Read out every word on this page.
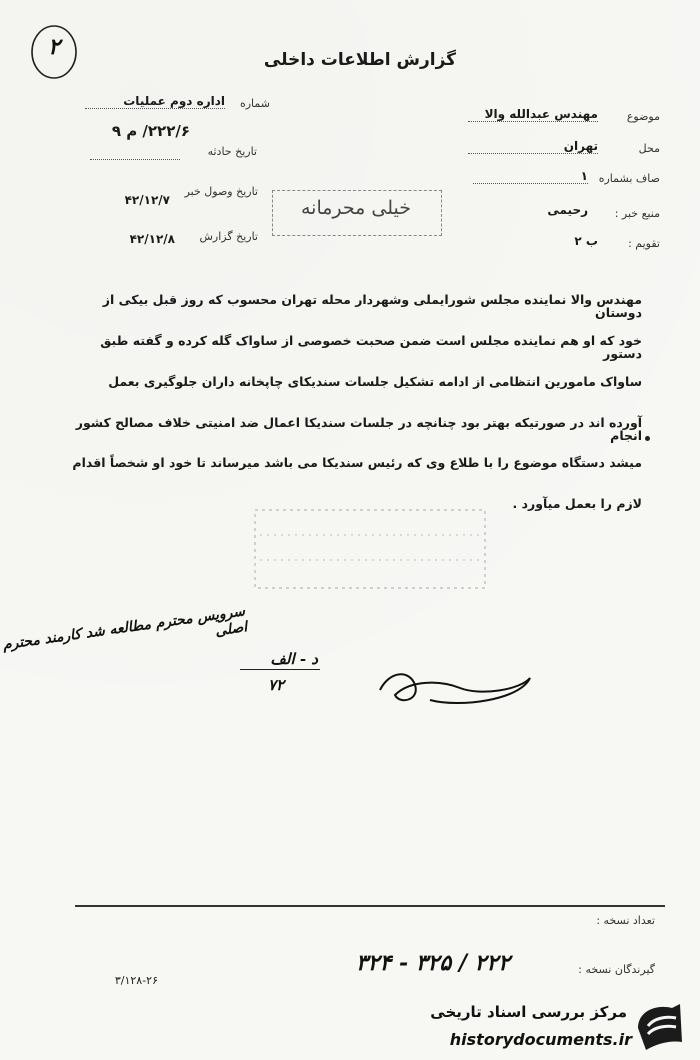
۲	گزارش اطلاعات داخلی
موضوع
مهندس عبدالله والا
محل
تهران
صاف بشماره
۱
منبع خبر :
رحیمی
تقویم :
ب ۲
شماره
اداره دوم عملیات
۲۲۲/۶/ م ۹
تاریخ حادثه
تاریخ وصول خبر
۴۲/۱۲/۷
تاریخ گزارش
۴۲/۱۲/۸
خیلی محرمانه
مهندس والا نماینده مجلس شورایملی وشهردار محله تهران محسوب که روز قبل بیکی از دوستان
خود که او هم نماینده مجلس است ضمن صحبت خصوصی از ساواک گله کرده و گفته طبق دستور
ساواک مامورین انتظامی از ادامه تشکیل جلسات سندیکای چاپخانه داران جلوگیری بعمل
آورده اند در صورتیکه بهتر بود چنانچه در جلسات سندیکا اعمال ضد امنیتی خلاف مصالح کشور انجام
میشد دستگاه موضوع را با طلاع وی که رئیس سندیکا می باشد میرساند تا خود او شخصاً اقدام
لازم را بعمل میآورد .
سرویس محترم مطالعه شد کارمند محترم اصلی
د - الف
۷۲
تعداد نسخه :
گیرندگان نسخه :
۲۲۲ / ۳۲۵ - ۳۲۴
۳/۱۲۸-۲۶
مرکز بررسی اسناد تاریخی
historydocuments.ir
